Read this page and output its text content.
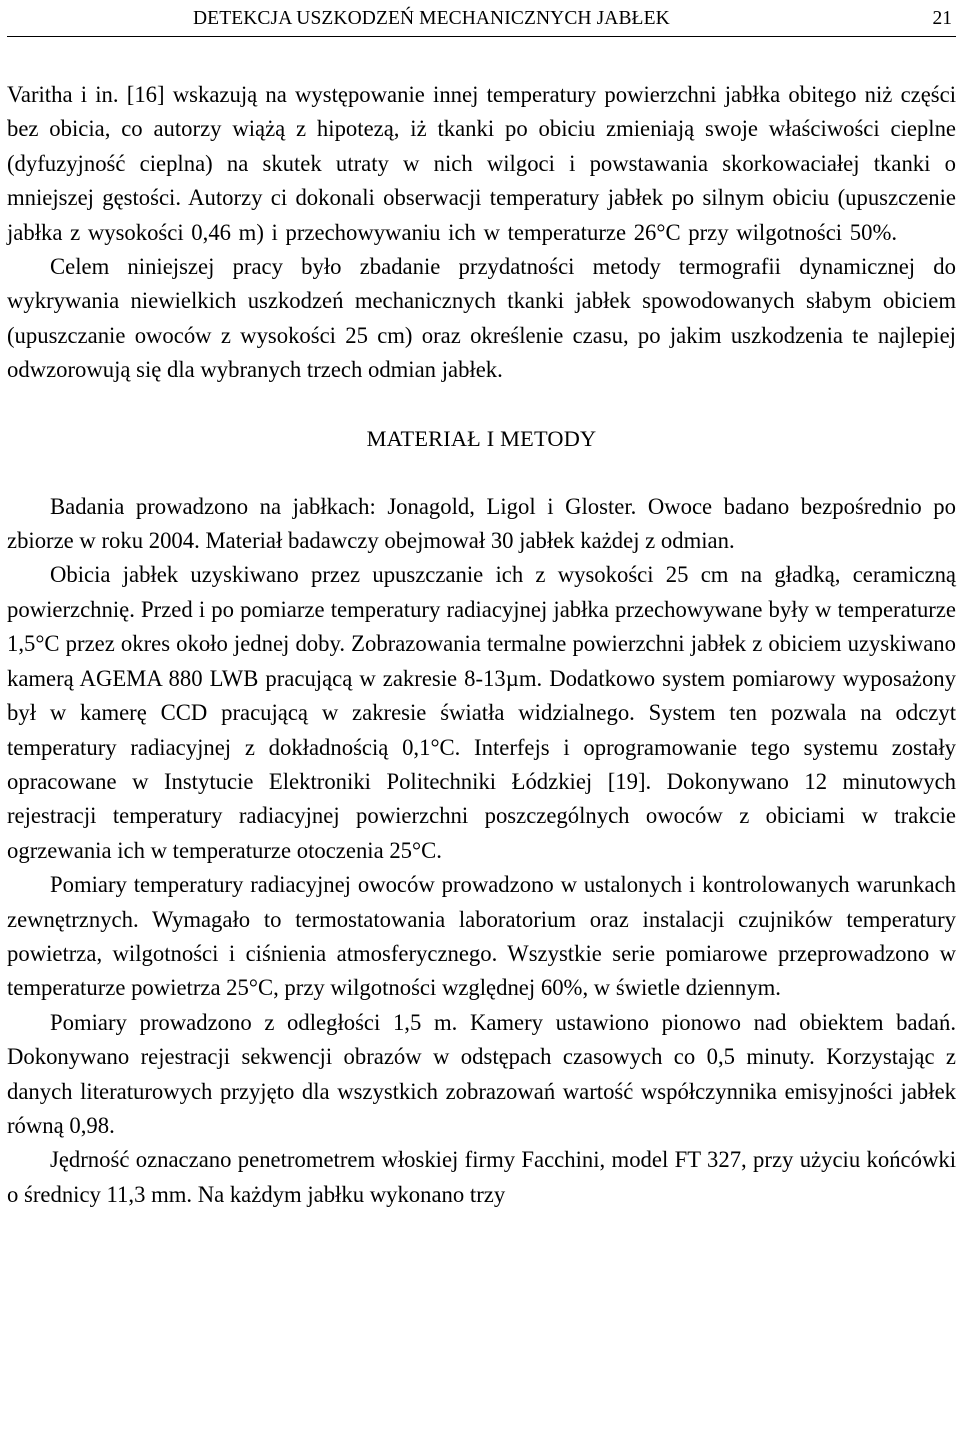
DETEKCJA USZKODZEŃ MECHANICZNYCH JABŁEK	21

Varitha i in. [16] wskazują na występowanie innej temperatury powierzchni jabłka obitego niż części bez obicia, co autorzy wiążą z hipotezą, iż tkanki po obiciu zmieniają swoje właściwości cieplne (dyfuzyjność cieplna) na skutek utraty w nich wilgoci i powstawania skorkowaciałej tkanki o mniejszej gęstości. Autorzy ci dokonali obserwacji temperatury jabłek po silnym obiciu (upuszczenie jabłka z wysokości 0,46 m) i przechowywaniu ich w temperaturze 26°C przy wilgotności 50%.

Celem niniejszej pracy było zbadanie przydatności metody termografii dynamicznej do wykrywania niewielkich uszkodzeń mechanicznych tkanki jabłek spowodowanych słabym obiciem (upuszczanie owoców z wysokości 25 cm) oraz określenie czasu, po jakim uszkodzenia te najlepiej odwzorowują się dla wybranych trzech odmian jabłek.

MATERIAŁ I METODY

Badania prowadzono na jabłkach: Jonagold, Ligol i Gloster. Owoce badano bezpośrednio po zbiorze w roku 2004. Materiał badawczy obejmował 30 jabłek każdej z odmian.

Obicia jabłek uzyskiwano przez upuszczanie ich z wysokości 25 cm na gładką, ceramiczną powierzchnię. Przed i po pomiarze temperatury radiacyjnej jabłka przechowywane były w temperaturze 1,5°C przez okres około jednej doby. Zobrazowania termalne powierzchni jabłek z obiciem uzyskiwano kamerą AGEMA 880 LWB pracującą w zakresie 8-13µm. Dodatkowo system pomiarowy wyposażony był w kamerę CCD pracującą w zakresie światła widzialnego. System ten pozwala na odczyt temperatury radiacyjnej z dokładnością 0,1°C. Interfejs i oprogramowanie tego systemu zostały opracowane w Instytucie Elektroniki Politechniki Łódzkiej [19]. Dokonywano 12 minutowych rejestracji temperatury radiacyjnej powierzchni poszczególnych owoców z obiciami w trakcie ogrzewania ich w temperaturze otoczenia 25°C.

Pomiary temperatury radiacyjnej owoców prowadzono w ustalonych i kontrolowanych warunkach zewnętrznych. Wymagało to termostatowania laboratorium oraz instalacji czujników temperatury powietrza, wilgotności i ciśnienia atmosferycznego. Wszystkie serie pomiarowe przeprowadzono w temperaturze powietrza 25°C, przy wilgotności względnej 60%, w świetle dziennym.

Pomiary prowadzono z odległości 1,5 m. Kamery ustawiono pionowo nad obiektem badań. Dokonywano rejestracji sekwencji obrazów w odstępach czasowych co 0,5 minuty. Korzystając z danych literaturowych przyjęto dla wszystkich zobrazowań wartość współczynnika emisyjności jabłek równą 0,98.

Jędrność oznaczano penetrometrem włoskiej firmy Facchini, model FT 327, przy użyciu końcówki o średnicy 11,3 mm. Na każdym jabłku wykonano trzy
